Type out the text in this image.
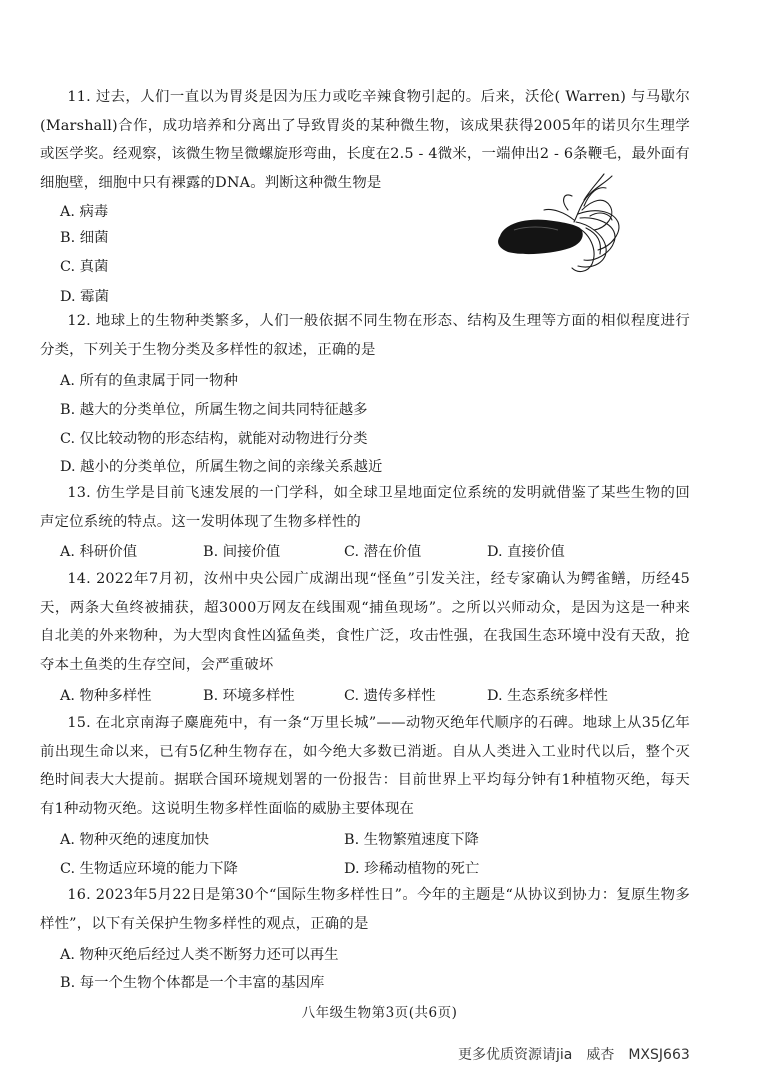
11. 过去，人们一直以为胃炎是因为压力或吃辛辣食物引起的。后来，沃伦( Warren) 与马歇尔(Marshall)合作，成功培养和分离出了导致胃炎的某种微生物，该成果获得2005年的诺贝尔生理学或医学奖。经观察，该微生物呈微螺旋形弯曲，长度在2.5 - 4微米，一端伸出2 - 6条鞭毛，最外面有细胞壁，细胞中只有裸露的DNA。判断这种微生物是

A. 病毒
B. 细菌
C. 真菌
D. 霉菌

12. 地球上的生物种类繁多，人们一般依据不同生物在形态、结构及生理等方面的相似程度进行分类，下列关于生物分类及多样性的叙述，正确的是

A. 所有的鱼隶属于同一物种
B. 越大的分类单位，所属生物之间共同特征越多
C. 仅比较动物的形态结构，就能对动物进行分类
D. 越小的分类单位，所属生物之间的亲缘关系越近

13. 仿生学是目前飞速发展的一门学科，如全球卫星地面定位系统的发明就借鉴了某些生物的回声定位系统的特点。这一发明体现了生物多样性的

A. 科研价值	B. 间接价值	C. 潜在价值	D. 直接价值

14. 2022年7月初，汝州中央公园广成湖出现“怪鱼”引发关注，经专家确认为鳄雀鳝，历经45天，两条大鱼终被捕获，超3000万网友在线围观“捕鱼现场”。之所以兴师动众，是因为这是一种来自北美的外来物种，为大型肉食性凶猛鱼类，食性广泛，攻击性强，在我国生态环境中没有天敌，抢夺本土鱼类的生存空间，会严重破坏

A. 物种多样性	B. 环境多样性	C. 遗传多样性	D. 生态系统多样性

15. 在北京南海子麋鹿苑中，有一条“万里长城”——动物灭绝年代顺序的石碑。地球上从35亿年前出现生命以来，已有5亿种生物存在，如今绝大多数已消逝。自从人类进入工业时代以后，整个灭绝时间表大大提前。据联合国环境规划署的一份报告：目前世界上平均每分钟有1种植物灭绝，每天有1种动物灭绝。这说明生物多样性面临的威胁主要体现在

A. 物种灭绝的速度加快	B. 生物繁殖速度下降
C. 生物适应环境的能力下降	D. 珍稀动植物的死亡

16. 2023年5月22日是第30个“国际生物多样性日”。今年的主题是“从协议到协力：复原生物多样性”，以下有关保护生物多样性的观点，正确的是

A. 物种灭绝后经过人类不断努力还可以再生
B. 每一个生物个体都是一个丰富的基因库
八年级生物第3页(共6页)
更多优质资源请jia　威杏　MXSJ663
